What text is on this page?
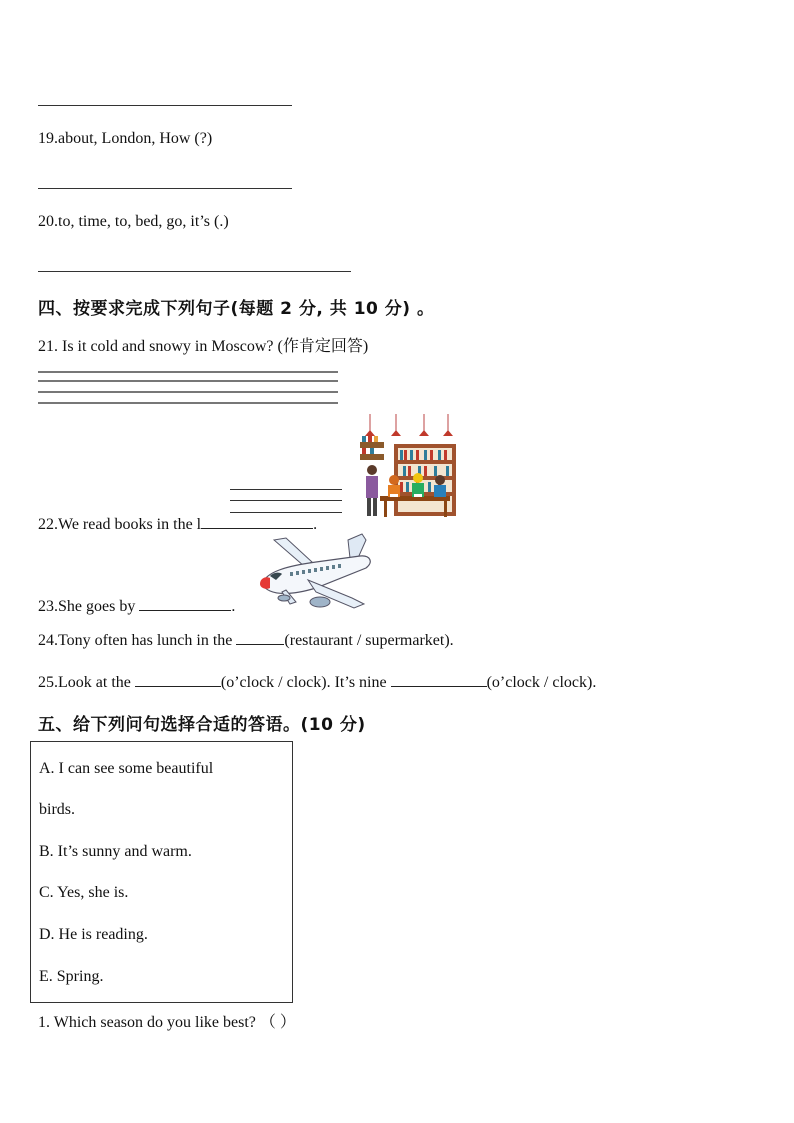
19.about, London, How (?)
20.to, time, to, bed, go, it’s (.)
四、按要求完成下列句子(每题 2 分, 共 10 分) 。
21. Is it cold and snowy in Moscow? (作肯定回答)
22.We read books in the l	.
23.She goes by	.
24.Tony often has lunch in the	(restaurant / supermarket).
25.Look at the	(o’clock / clock). It’s nine	(o’clock / clock).
五、给下列问句选择合适的答语。(10 分)
A. I can see some beautiful
birds.
B. It’s sunny and warm.
C. Yes, she is.
D. He is reading.
E. Spring.
1. Which season do you like best? （ ）
